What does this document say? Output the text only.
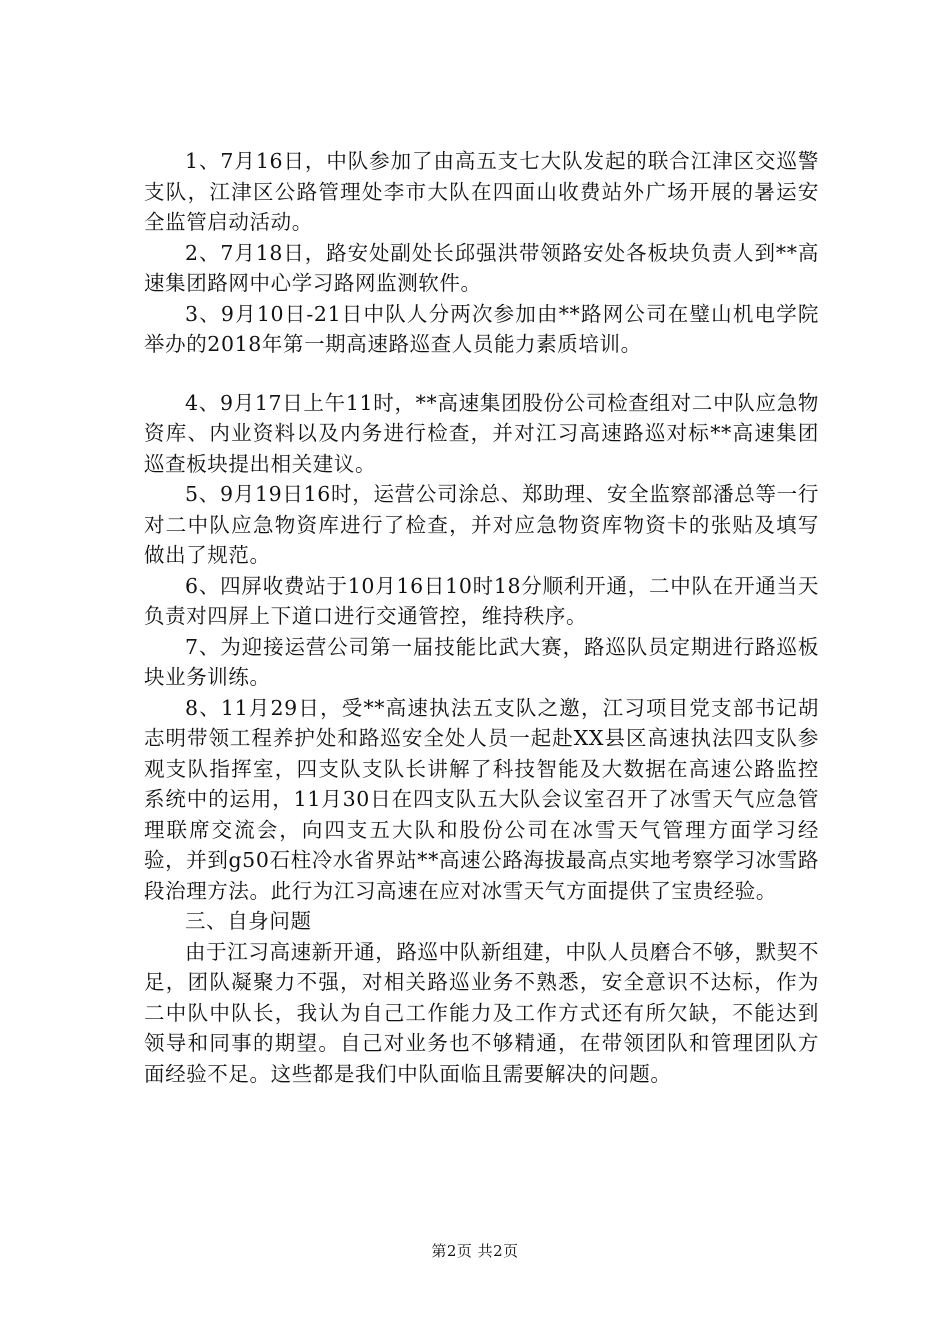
1、7月16日，中队参加了由高五支七大队发起的联合江津区交巡警支队，江津区公路管理处李市大队在四面山收费站外广场开展的暑运安全监管启动活动。

2、7月18日，路安处副处长邱强洪带领路安处各板块负责人到**高速集团路网中心学习路网监测软件。

3、9月10日-21日中队人分两次参加由**路网公司在璧山机电学院举办的2018年第一期高速路巡查人员能力素质培训。

4、9月17日上午11时，**高速集团股份公司检查组对二中队应急物资库、内业资料以及内务进行检查，并对江习高速路巡对标**高速集团巡查板块提出相关建议。

5、9月19日16时，运营公司涂总、郑助理、安全监察部潘总等一行对二中队应急物资库进行了检查，并对应急物资库物资卡的张贴及填写做出了规范。

6、四屏收费站于10月16日10时18分顺利开通，二中队在开通当天负责对四屏上下道口进行交通管控，维持秩序。

7、为迎接运营公司第一届技能比武大赛，路巡队员定期进行路巡板块业务训练。

8、11月29日，受**高速执法五支队之邀，江习项目党支部书记胡志明带领工程养护处和路巡安全处人员一起赴XX县区高速执法四支队参观支队指挥室，四支队支队长讲解了科技智能及大数据在高速公路监控系统中的运用，11月30日在四支队五大队会议室召开了冰雪天气应急管理联席交流会，向四支五大队和股份公司在冰雪天气管理方面学习经验，并到g50石柱冷水省界站**高速公路海拔最高点实地考察学习冰雪路段治理方法。此行为江习高速在应对冰雪天气方面提供了宝贵经验。

三、自身问题

由于江习高速新开通，路巡中队新组建，中队人员磨合不够，默契不足，团队凝聚力不强，对相关路巡业务不熟悉，安全意识不达标，作为二中队中队长，我认为自己工作能力及工作方式还有所欠缺，不能达到领导和同事的期望。自己对业务也不够精通，在带领团队和管理团队方面经验不足。这些都是我们中队面临且需要解决的问题。

第2页 共2页
